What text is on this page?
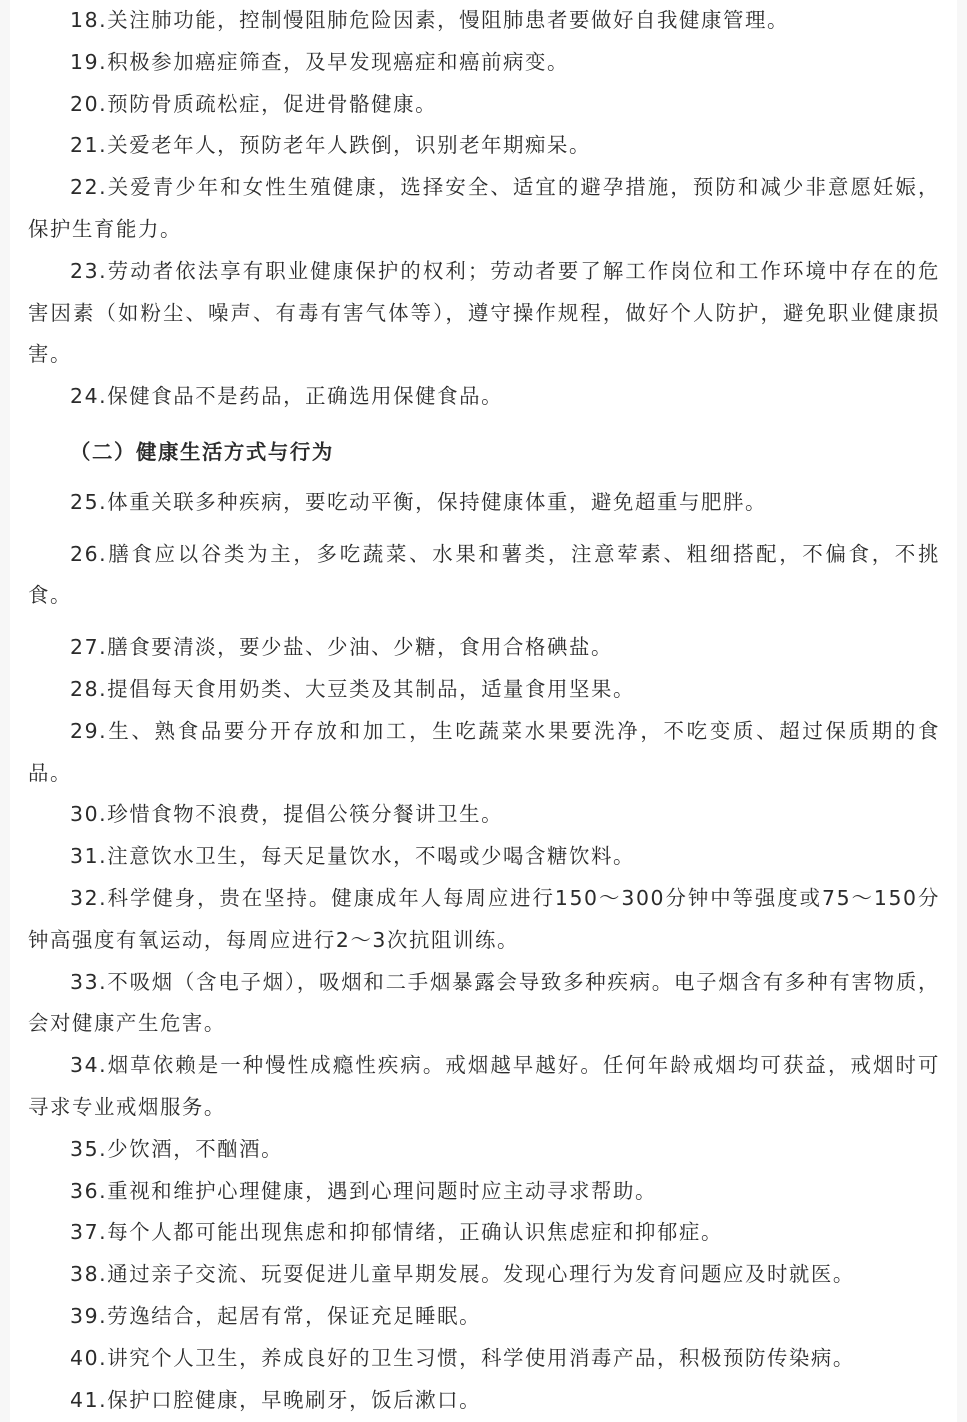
18.关注肺功能，控制慢阻肺危险因素，慢阻肺患者要做好自我健康管理。

19.积极参加癌症筛查，及早发现癌症和癌前病变。

20.预防骨质疏松症，促进骨骼健康。

21.关爱老年人，预防老年人跌倒，识别老年期痴呆。

22.关爱青少年和女性生殖健康，选择安全、适宜的避孕措施，预防和减少非意愿妊娠，保护生育能力。

23.劳动者依法享有职业健康保护的权利；劳动者要了解工作岗位和工作环境中存在的危害因素（如粉尘、噪声、有毒有害气体等），遵守操作规程，做好个人防护，避免职业健康损害。

24.保健食品不是药品，正确选用保健食品。

（二）健康生活方式与行为

25.体重关联多种疾病，要吃动平衡，保持健康体重，避免超重与肥胖。

26.膳食应以谷类为主，多吃蔬菜、水果和薯类，注意荤素、粗细搭配，不偏食，不挑食。

27.膳食要清淡，要少盐、少油、少糖，食用合格碘盐。

28.提倡每天食用奶类、大豆类及其制品，适量食用坚果。

29.生、熟食品要分开存放和加工，生吃蔬菜水果要洗净，不吃变质、超过保质期的食品。

30.珍惜食物不浪费，提倡公筷分餐讲卫生。

31.注意饮水卫生，每天足量饮水，不喝或少喝含糖饮料。

32.科学健身，贵在坚持。健康成年人每周应进行150～300分钟中等强度或75～150分钟高强度有氧运动，每周应进行2～3次抗阻训练。

33.不吸烟（含电子烟），吸烟和二手烟暴露会导致多种疾病。电子烟含有多种有害物质，会对健康产生危害。

34.烟草依赖是一种慢性成瘾性疾病。戒烟越早越好。任何年龄戒烟均可获益，戒烟时可寻求专业戒烟服务。

35.少饮酒，不酗酒。

36.重视和维护心理健康，遇到心理问题时应主动寻求帮助。

37.每个人都可能出现焦虑和抑郁情绪，正确认识焦虑症和抑郁症。

38.通过亲子交流、玩耍促进儿童早期发展。发现心理行为发育问题应及时就医。

39.劳逸结合，起居有常，保证充足睡眠。

40.讲究个人卫生，养成良好的卫生习惯，科学使用消毒产品，积极预防传染病。

41.保护口腔健康，早晚刷牙，饭后漱口。
